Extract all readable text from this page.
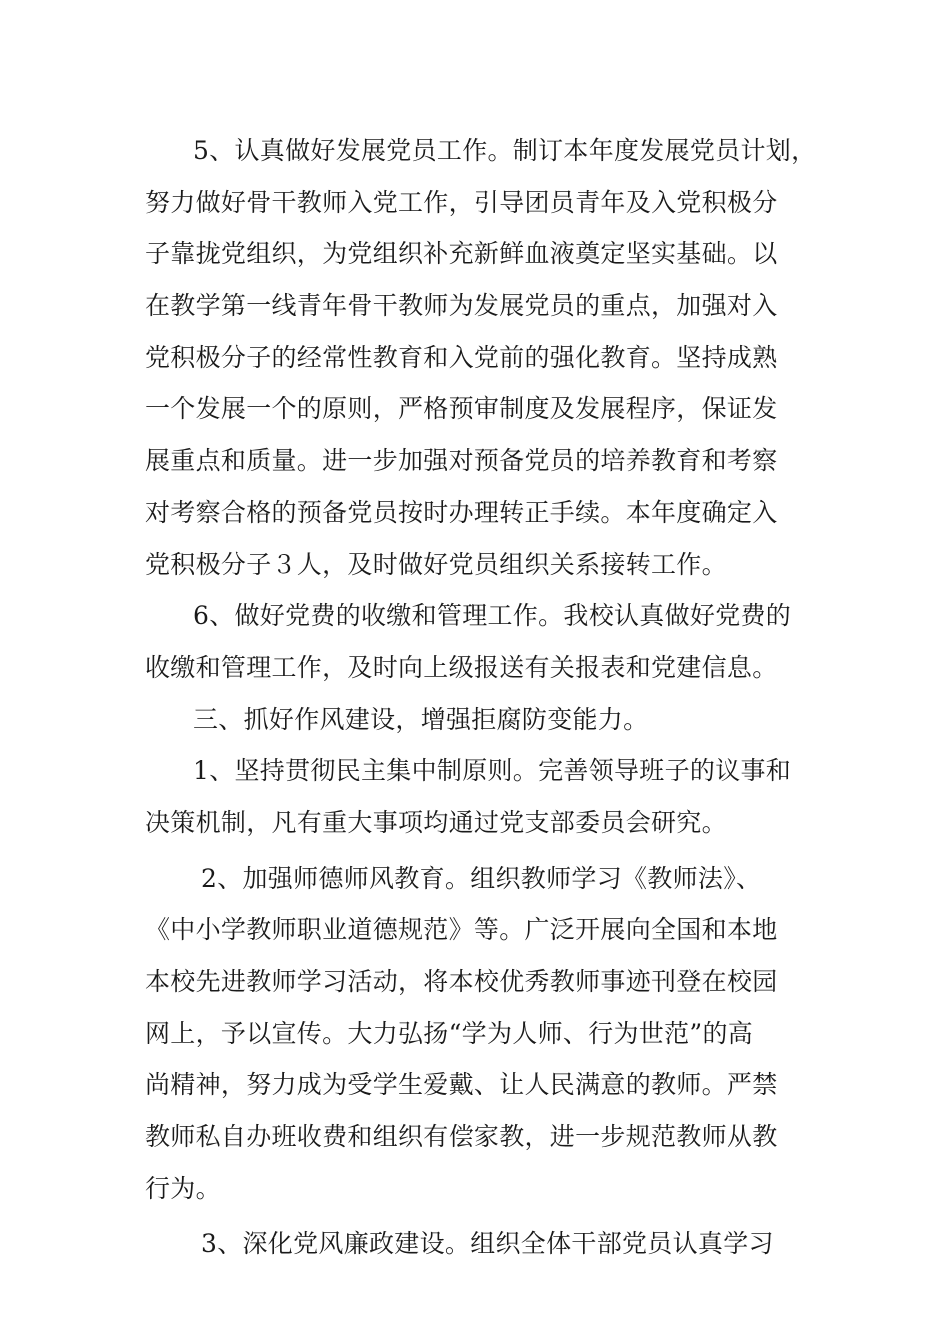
5、认真做好发展党员工作。制订本年度发展党员计划，
努力做好骨干教师入党工作，引导团员青年及入党积极分
子靠拢党组织，为党组织补充新鲜血液奠定坚实基础。以
在教学第一线青年骨干教师为发展党员的重点，加强对入
党积极分子的经常性教育和入党前的强化教育。坚持成熟
一个发展一个的原则，严格预审制度及发展程序，保证发
展重点和质量。进一步加强对预备党员的培养教育和考察
对考察合格的预备党员按时办理转正手续。本年度确定入
党积极分子３人，及时做好党员组织关系接转工作。
6、做好党费的收缴和管理工作。我校认真做好党费的
收缴和管理工作，及时向上级报送有关报表和党建信息。
三、抓好作风建设，增强拒腐防变能力。
1、坚持贯彻民主集中制原则。完善领导班子的议事和
决策机制，凡有重大事项均通过党支部委员会研究。
2、加强师德师风教育。组织教师学习《教师法》、
《中小学教师职业道德规范》等。广泛开展向全国和本地
本校先进教师学习活动，将本校优秀教师事迹刊登在校园
网上，予以宣传。大力弘扬“学为人师、行为世范”的高
尚精神，努力成为受学生爱戴、让人民满意的教师。严禁
教师私自办班收费和组织有偿家教，进一步规范教师从教
行为。
3、深化党风廉政建设。组织全体干部党员认真学习
